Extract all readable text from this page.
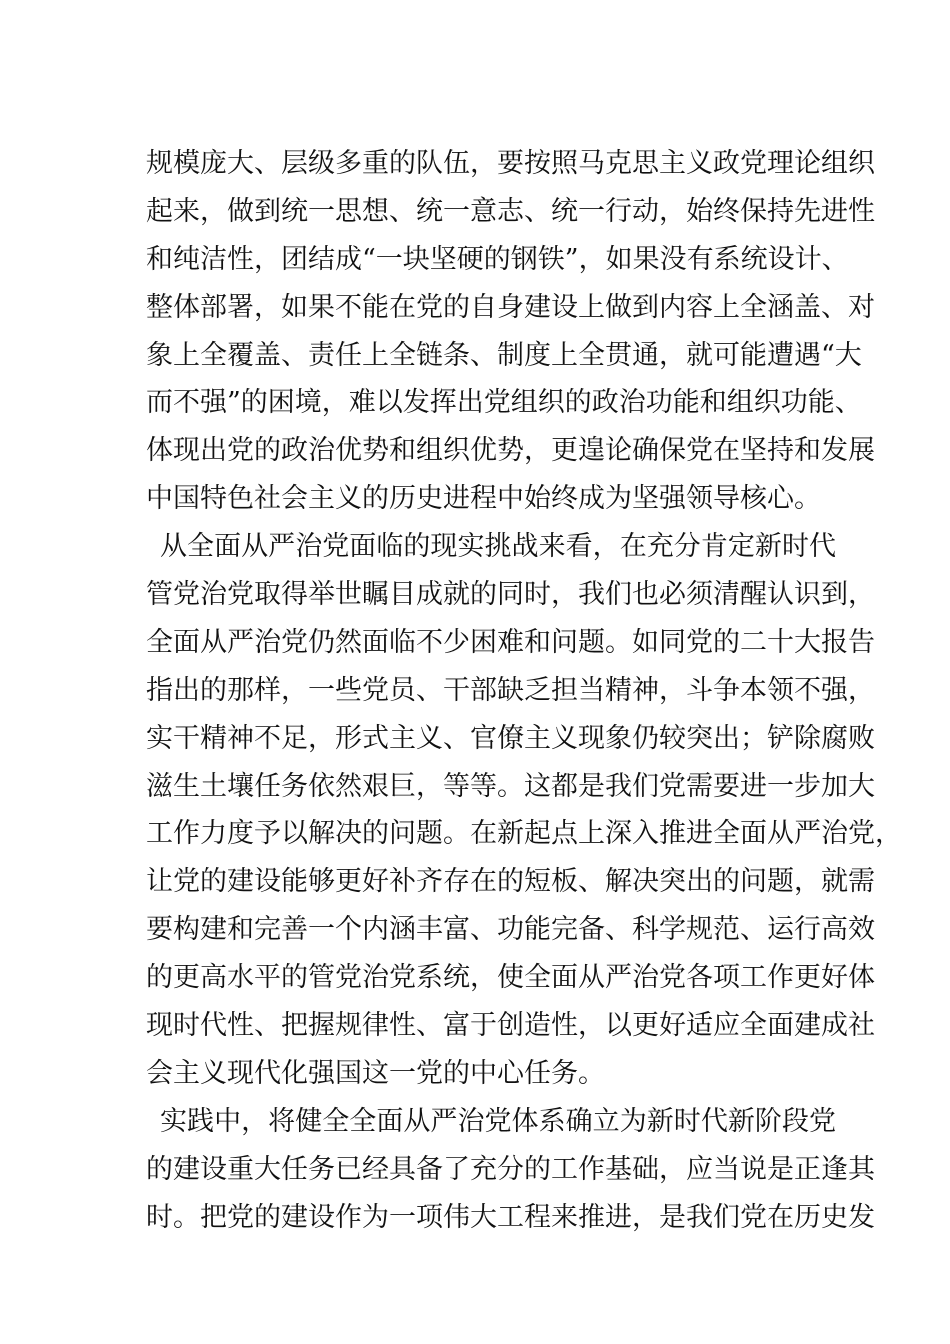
规模庞大、层级多重的队伍，要按照马克思主义政党理论组织
起来，做到统一思想、统一意志、统一行动，始终保持先进性
和纯洁性，团结成“一块坚硬的钢铁”，如果没有系统设计、
整体部署，如果不能在党的自身建设上做到内容上全涵盖、对
象上全覆盖、责任上全链条、制度上全贯通，就可能遭遇“大
而不强”的困境，难以发挥出党组织的政治功能和组织功能、
体现出党的政治优势和组织优势，更遑论确保党在坚持和发展
中国特色社会主义的历史进程中始终成为坚强领导核心。
从全面从严治党面临的现实挑战来看，在充分肯定新时代
管党治党取得举世瞩目成就的同时，我们也必须清醒认识到，
全面从严治党仍然面临不少困难和问题。如同党的二十大报告
指出的那样，一些党员、干部缺乏担当精神，斗争本领不强，
实干精神不足，形式主义、官僚主义现象仍较突出；铲除腐败
滋生土壤任务依然艰巨，等等。这都是我们党需要进一步加大
工作力度予以解决的问题。在新起点上深入推进全面从严治党，
让党的建设能够更好补齐存在的短板、解决突出的问题，就需
要构建和完善一个内涵丰富、功能完备、科学规范、运行高效
的更高水平的管党治党系统，使全面从严治党各项工作更好体
现时代性、把握规律性、富于创造性，以更好适应全面建成社
会主义现代化强国这一党的中心任务。
实践中，将健全全面从严治党体系确立为新时代新阶段党
的建设重大任务已经具备了充分的工作基础，应当说是正逢其
时。把党的建设作为一项伟大工程来推进，是我们党在历史发
